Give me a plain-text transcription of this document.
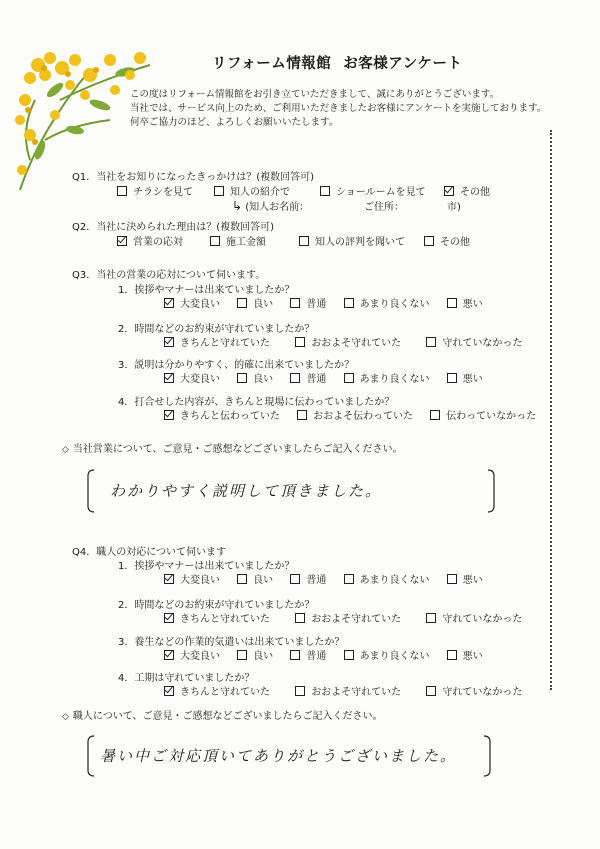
リフォーム情報館 お客様アンケート
この度はリフォーム情報館をお引き立ていただきまして、誠にありがとうございます。
当社では、サービス向上のため、ご利用いただきましたお客様にアンケートを実施しております。
何卒ご協力のほど、よろしくお願いいたします。
Q1．当社をお知りになったきっかけは？(複数回答可)
チラシを見て	知人の紹介で	ショールームを見て	その他
↳ (知人お名前：	ご住所：	市)
Q2．当社に決められた理由は？(複数回答可)
営業の応対	施工金額	知人の評判を聞いて	その他
Q3．当社の営業の応対について伺います。
1．挨拶やマナーは出来ていましたか？
大変良い	良い	普通	あまり良くない	悪い
2．時間などのお約束が守れていましたか？
きちんと守れていた	おおよそ守れていた	守れていなかった
3．説明は分かりやすく、的確に出来ていましたか？
大変良い	良い	普通	あまり良くない	悪い
4．打合せした内容が、きちんと現場に伝わっていましたか？
きちんと伝わっていた	おおよそ伝わっていた	伝わっていなかった
◇ 当社営業について、ご意見・ご感想などございましたらご記入ください。
わかりやすく説明して頂きました。
Q4．職人の対応について伺います
1．挨拶やマナーは出来ていましたか？
大変良い	良い	普通	あまり良くない	悪い
2．時間などのお約束が守れていましたか？
きちんと守れていた	おおよそ守れていた	守れていなかった
3．養生などの作業的気遣いは出来ていましたか？
大変良い	良い	普通	あまり良くない	悪い
4．工期は守れていましたか？
きちんと守れていた	おおよそ守れていた	守れていなかった
◇ 職人について、ご意見・ご感想などございましたらご記入ください。
暑い中ご対応頂いてありがとうございました。
